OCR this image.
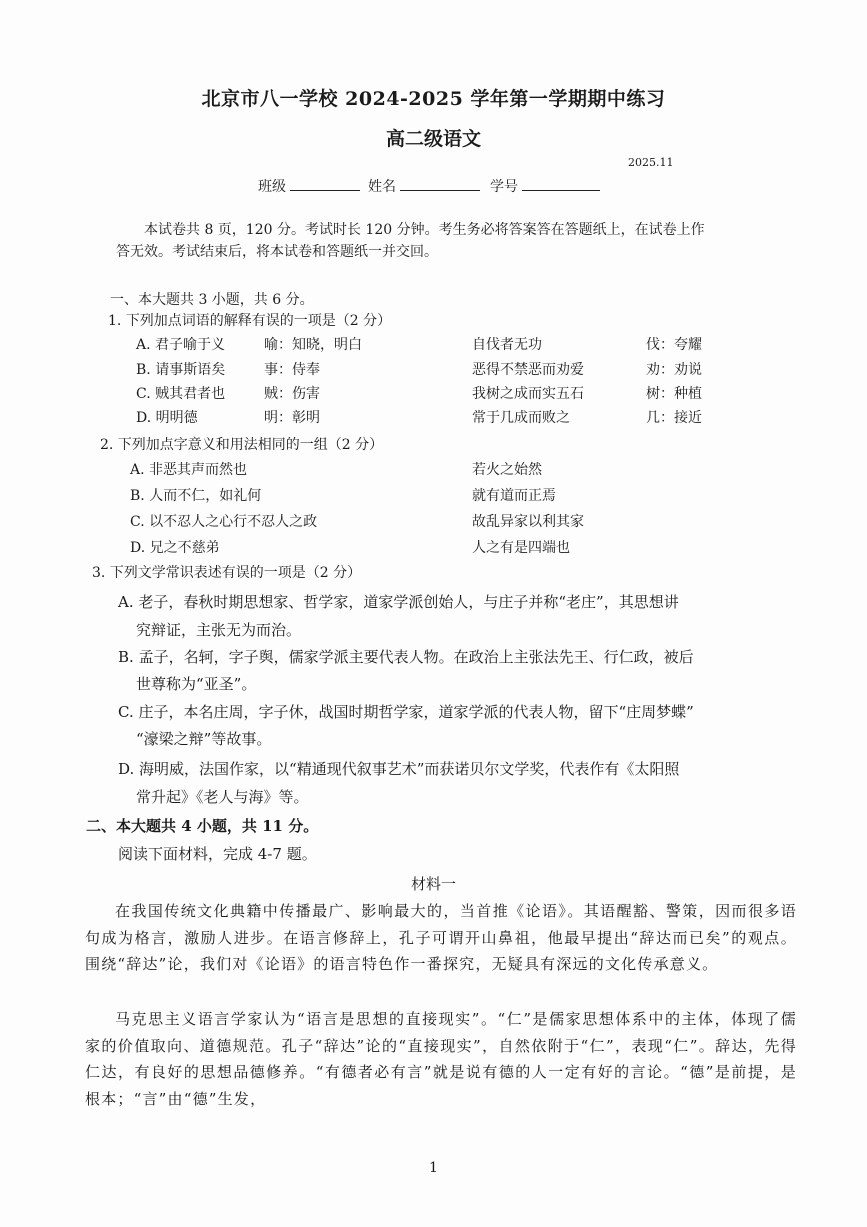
北京市八一学校 2024-2025 学年第一学期期中练习
高二级语文
2025.11
班级	姓名	学号
本试卷共 8 页，120 分。考试时长 120 分钟。考生务必将答案答在答题纸上，在试卷上作
答无效。考试结束后，将本试卷和答题纸一并交回。
一、本大题共 3 小题，共 6 分。
1. 下列加点词语的解释有误的一项是（2 分）
A. 君子喻于义	喻：知晓，明白	自伐者无功	伐：夸耀
B. 请事斯语矣	事：侍奉	恶得不禁恶而劝爱	劝：劝说
C. 贼其君者也	贼：伤害	我树之成而实五石	树：种植
D. 明明德	明：彰明	常于几成而败之	几：接近
2. 下列加点字意义和用法相同的一组（2 分）
A. 非恶其声而然也	若火之始然
B. 人而不仁，如礼何	就有道而正焉
C. 以不忍人之心行不忍人之政	故乱异家以利其家
D. 兄之不慈弟	人之有是四端也
3. 下列文学常识表述有误的一项是（2 分）
A. 老子，春秋时期思想家、哲学家，道家学派创始人，与庄子并称“老庄”，其思想讲
究辩证，主张无为而治。
B. 孟子，名轲，字子舆，儒家学派主要代表人物。在政治上主张法先王、行仁政，被后
世尊称为“亚圣”。
C. 庄子，本名庄周，字子休，战国时期哲学家，道家学派的代表人物，留下“庄周梦蝶”
“濠梁之辩”等故事。
D. 海明威，法国作家，以“精通现代叙事艺术”而获诺贝尔文学奖，代表作有《太阳照
常升起》《老人与海》等。
二、本大题共 4 小题，共 11 分。
阅读下面材料，完成 4-7 题。
材料一
在我国传统文化典籍中传播最广、影响最大的，当首推《论语》。其语醒豁、警策，因而很多语句成为格言，激励人进步。在语言修辞上，孔子可谓开山鼻祖，他最早提出“辞达而已矣”的观点。围绕“辞达”论，我们对《论语》的语言特色作一番探究，无疑具有深远的文化传承意义。
马克思主义语言学家认为“语言是思想的直接现实”。“仁”是儒家思想体系中的主体，体现了儒家的价值取向、道德规范。孔子“辞达”论的“直接现实”，自然依附于“仁”，表现“仁”。辞达，先得仁达，有良好的思想品德修养。“有德者必有言”就是说有德的人一定有好的言论。“德”是前提，是根本；“言”由“德”生发，
1
